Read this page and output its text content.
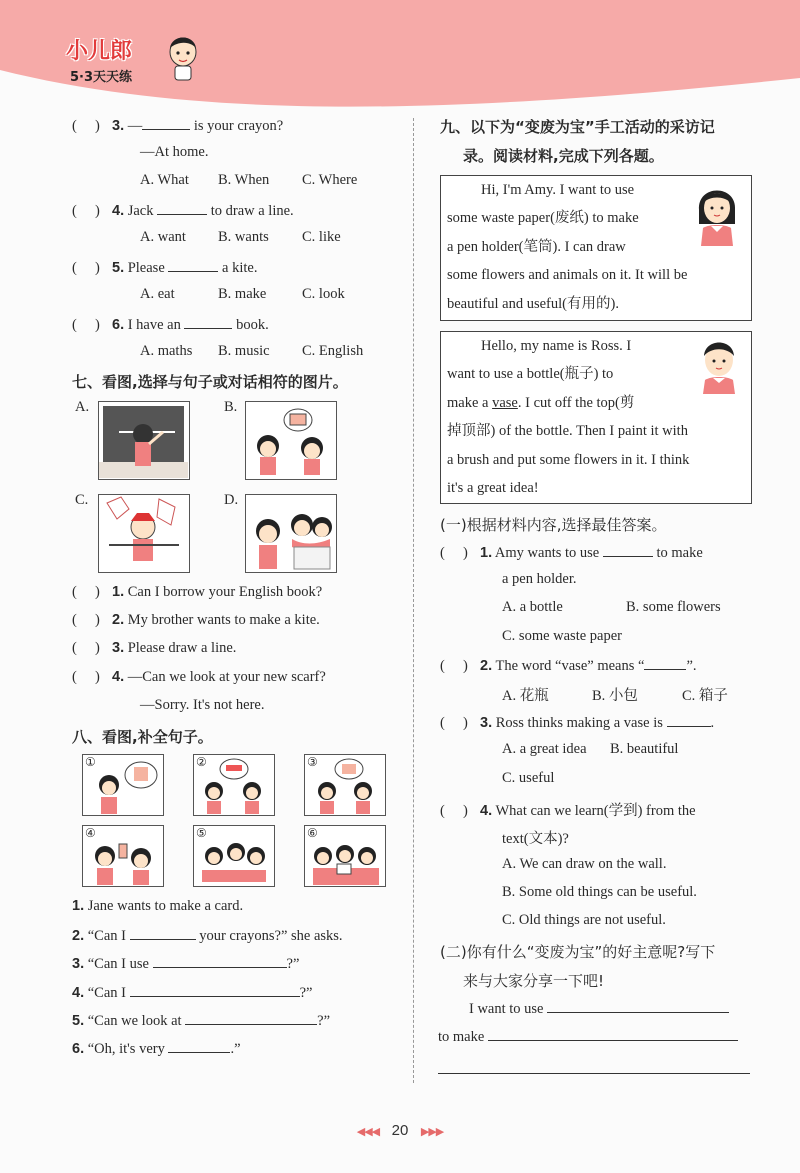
小儿郎
5·3天天练
(     ) 3. —	is your crayon?
—At home.
A. What B. When C. Where
(     ) 4. Jack	to draw a line.
A. want B. wants C. like
(     ) 5. Please	a kite.
A. eat	B. make C. look
(     ) 6. I have an	book.
A. maths B. music C. English
七、看图,选择与句子或对话相符的图片。
A.	B.
C.	D.
(     ) 1. Can I borrow your English book?
(     ) 2. My brother wants to make a kite.
(     ) 3. Please draw a line.
(     ) 4. —Can we look at your new scarf?
—Sorry. It's not here.
八、看图,补全句子。
①	②	③
④	⑤	⑥
1. Jane wants to make a card.
2. “Can I	your crayons?” she asks.
3. “Can I use	?”
4. “Can I	?”
5. “Can we look at	?”
6. “Oh, it's very	.”
九、以下为“变废为宝”手工活动的采访记
录。阅读材料,完成下列各题。
Hi, I'm Amy. I want to use
some waste paper(废纸) to make
a pen holder(笔筒). I can draw
some flowers and animals on it. It will be
beautiful and useful(有用的).
Hello, my name is Ross. I
want to use a bottle(瓶子) to
make a vase. I cut off the top(剪
掉顶部) of the bottle. Then I paint it with
a brush and put some flowers in it. I think
it's a great idea!
(一)根据材料内容,选择最佳答案。
(     ) 1. Amy wants to use	to make
a pen holder.
A. a bottle	B. some flowers
C. some waste paper
(     ) 2. The word “vase” means “	”.
A. 花瓶	B. 小包	C. 箱子
(     ) 3. Ross thinks making a vase is	.
A. a great idea B. beautiful
C. useful
(     ) 4. What can we learn(学到) from the
text(文本)?
A. We can draw on the wall.
B. Some old things can be useful.
C. Old things are not useful.
(二)你有什么“变废为宝”的好主意呢?写下
来与大家分享一下吧!
I want to use
to make
◀◀◀ 20 ▶▶▶
